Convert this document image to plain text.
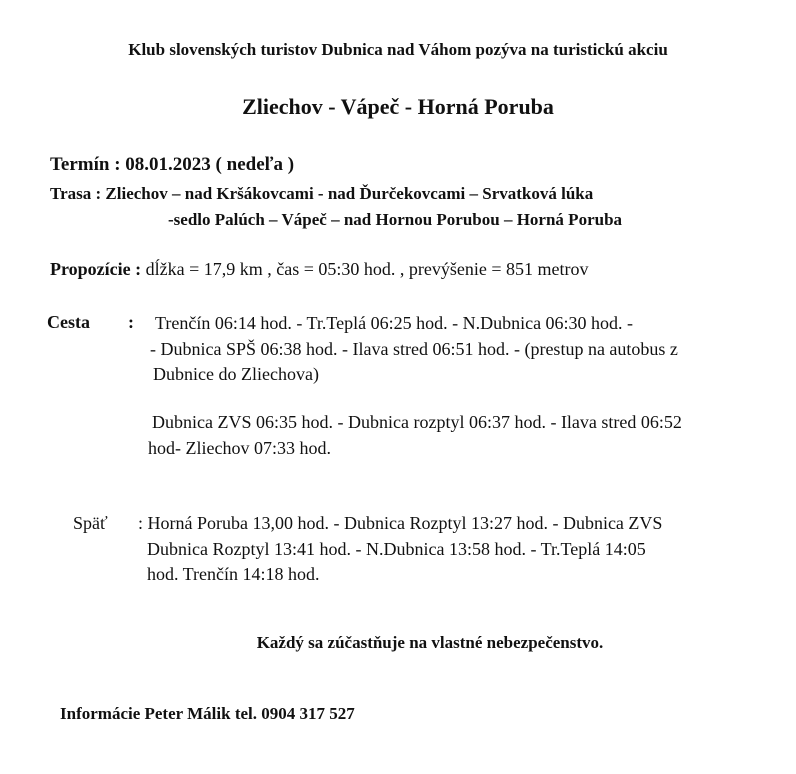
Klub slovenských turistov Dubnica nad Váhom pozýva na turistickú akciu
Zliechov - Vápeč - Horná Poruba
Termín : 08.01.2023 ( nedeľa )
Trasa : Zliechov – nad Kršákovcami - nad Ďurčekovcami – Srvatková lúka
-sedlo Palúch – Vápeč – nad Hornou Porubou – Horná Poruba
Propozície : dĺžka = 17,9 km , čas = 05:30 hod. , prevýšenie = 851 metrov
Cesta : Trenčín 06:14 hod. - Tr.Teplá 06:25 hod. - N.Dubnica 06:30 hod. -
- Dubnica SPŠ 06:38 hod. - Ilava stred 06:51 hod. - (prestup na autobus z
Dubnice do Zliechova)
Dubnica ZVS 06:35 hod. - Dubnica rozptyl 06:37 hod. - Ilava stred 06:52
hod- Zliechov 07:33 hod.
Späť : Horná Poruba 13,00 hod. - Dubnica Rozptyl 13:27 hod. - Dubnica ZVS
Dubnica Rozptyl 13:41 hod. - N.Dubnica 13:58 hod. - Tr.Teplá 14:05
hod. Trenčín 14:18 hod.
Každý sa zúčastňuje na vlastné nebezpečenstvo.
Informácie Peter Málik tel. 0904 317 527
